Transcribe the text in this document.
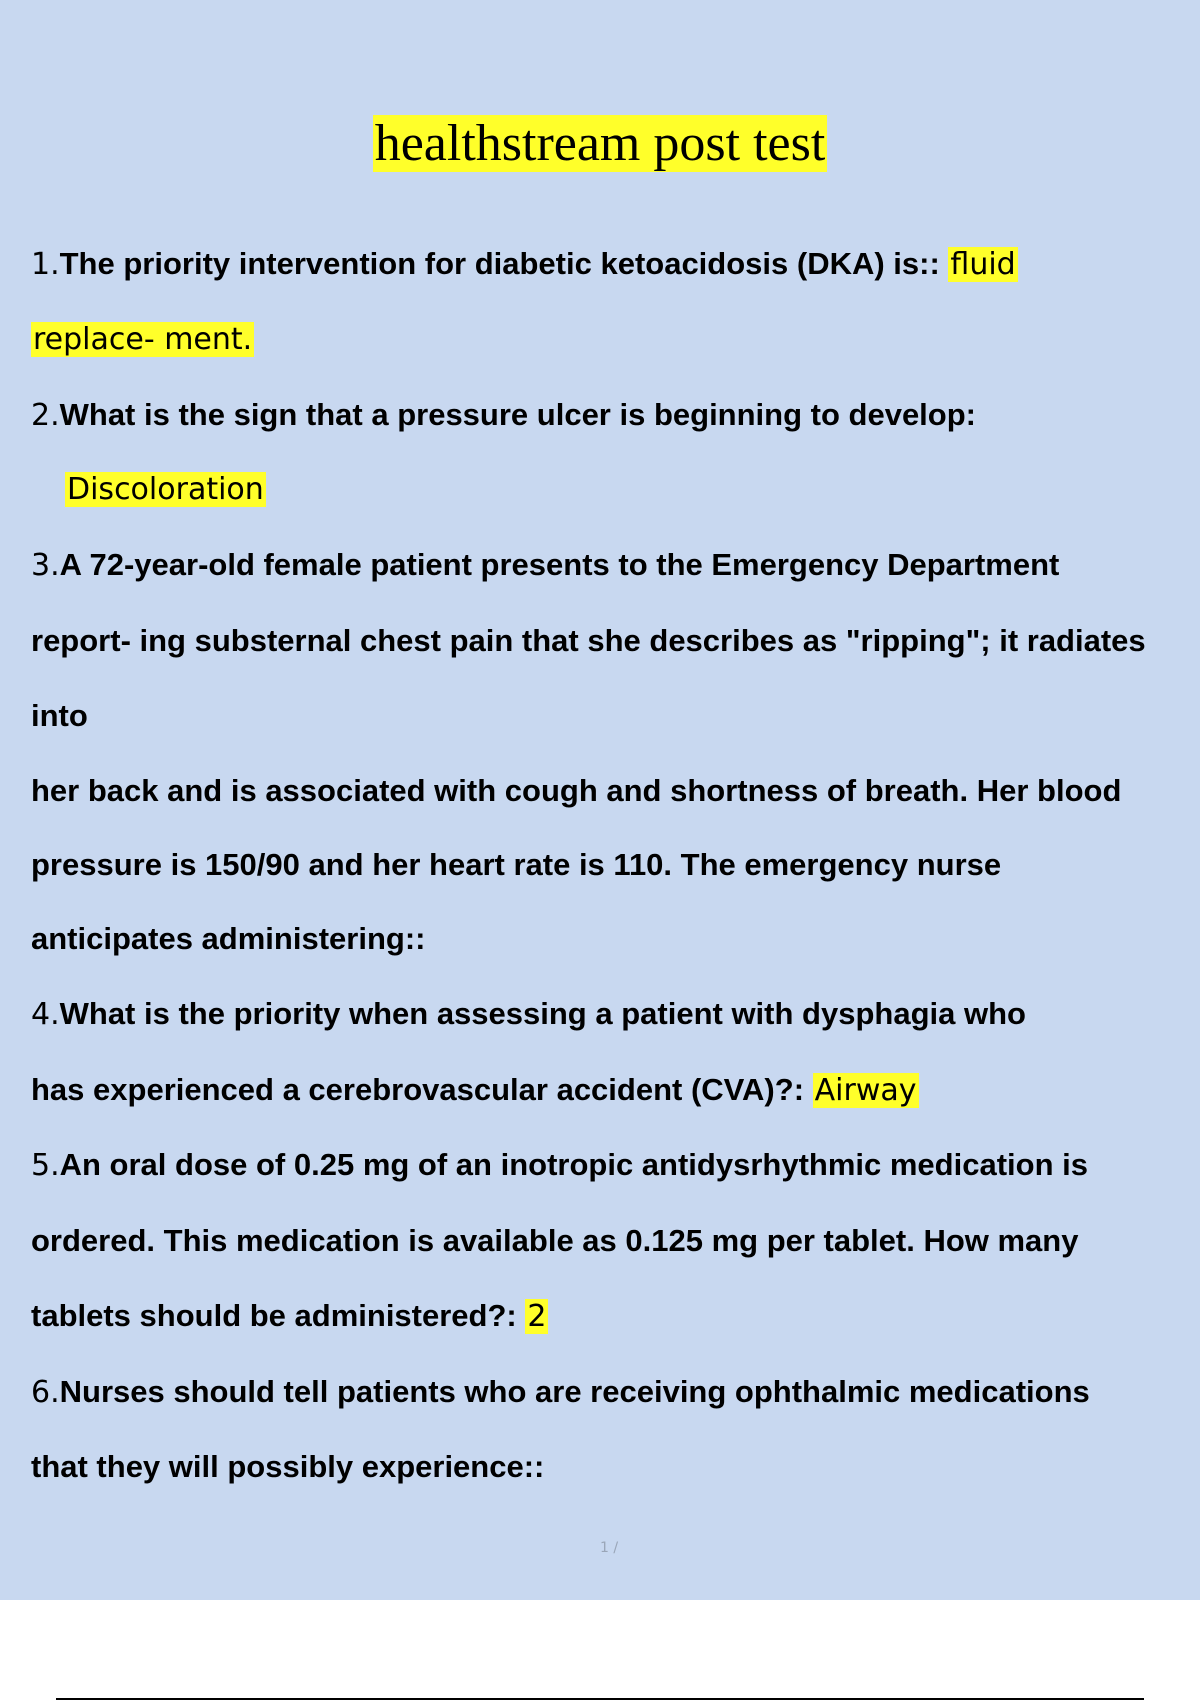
healthstream post test
1.The priority intervention for diabetic ketoacidosis (DKA) is:: fluid
replace- ment.
2.What is the sign that a pressure ulcer is beginning to develop:
Discoloration
3.A 72-year-old female patient presents to the Emergency Department
report- ing substernal chest pain that she describes as "ripping"; it radiates
into
her back and is associated with cough and shortness of breath. Her blood
pressure is 150/90 and her heart rate is 110. The emergency nurse
anticipates administering::
4.What is the priority when assessing a patient with dysphagia who
has experienced a cerebrovascular accident (CVA)?: Airway
5.An oral dose of 0.25 mg of an inotropic antidysrhythmic medication is
ordered. This medication is available as 0.125 mg per tablet. How many
tablets should be administered?: 2
6.Nurses should tell patients who are receiving ophthalmic medications
that they will possibly experience::
1 /
